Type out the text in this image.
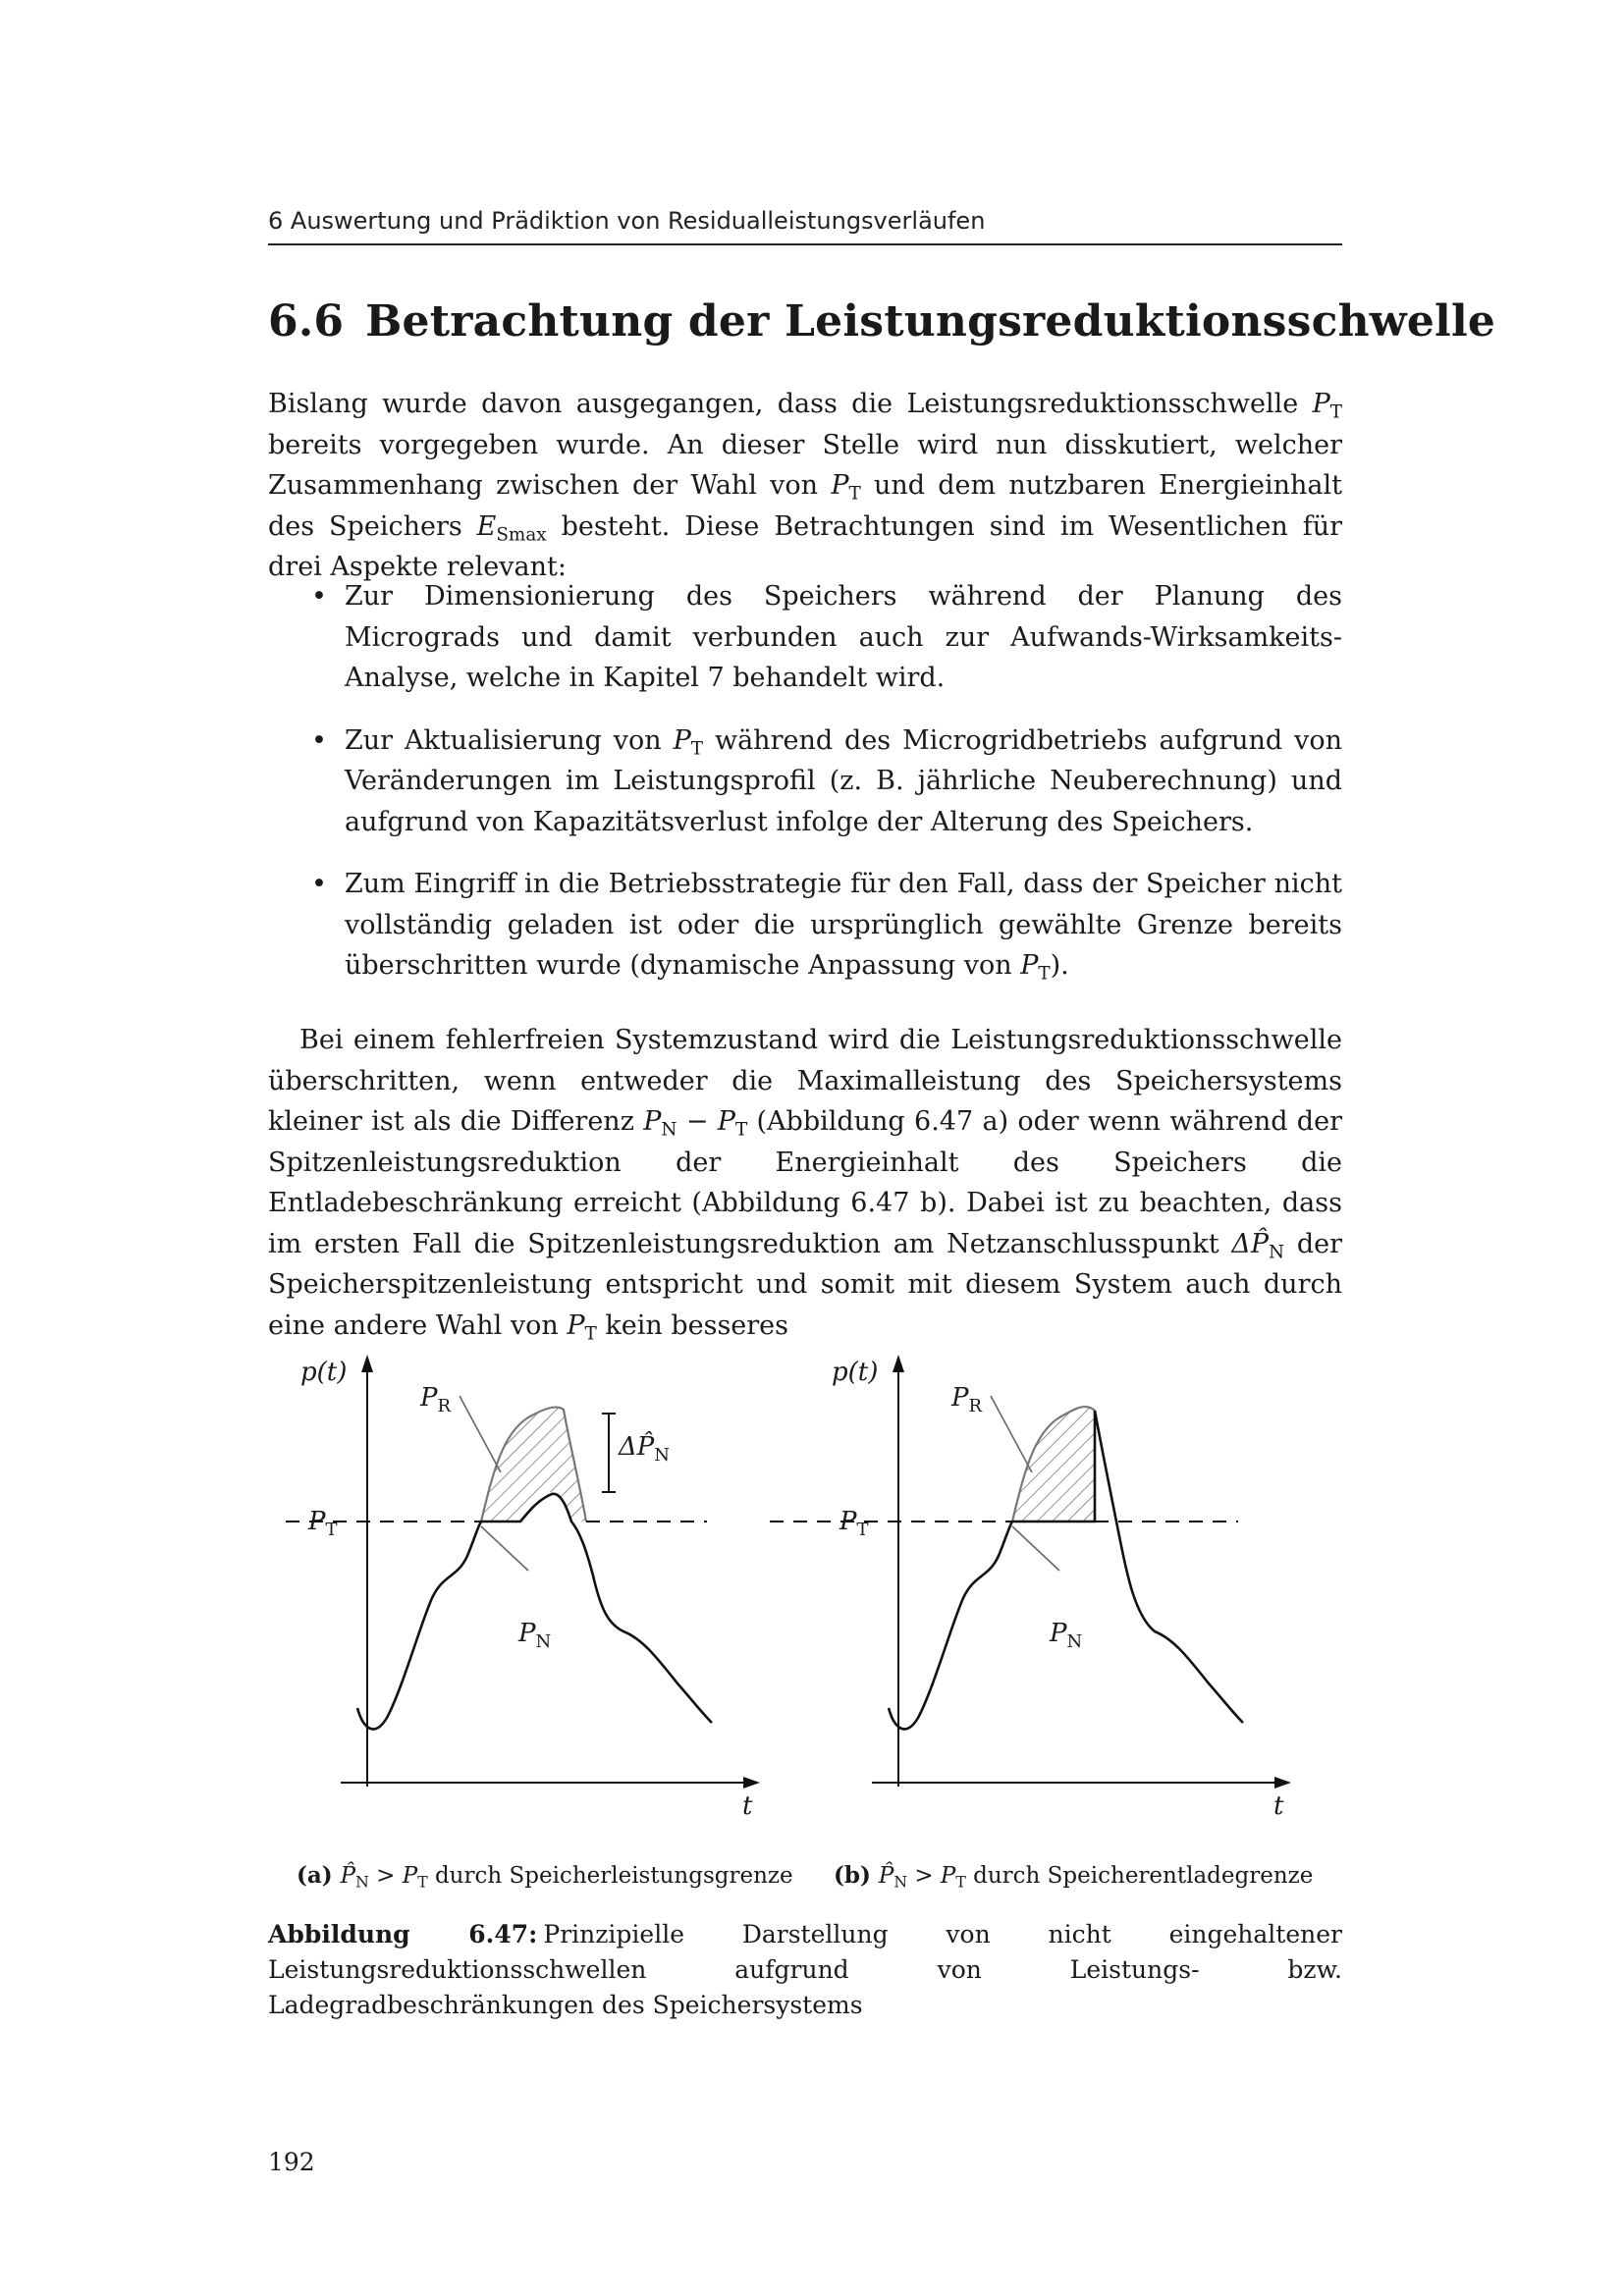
6 Auswertung und Prädiktion von Residualleistungsverläufen
6.6 Betrachtung der Leistungsreduktionsschwelle

Bislang wurde davon ausgegangen, dass die Leistungsreduktionsschwelle $P_T$ bereits vorgegeben wurde. An dieser Stelle wird nun disskutiert, welcher Zusammenhang zwischen der Wahl von $P_T$ und dem nutzbaren Energieinhalt des Speichers $E_{Smax}$ besteht. Diese Betrachtungen sind im Wesentlichen für drei Aspekte relevant:

• Zur Dimensionierung des Speichers während der Planung des Micrograds und damit verbunden auch zur Aufwands-Wirksamkeits-Analyse, welche in Kapitel 7 behandelt wird.
• Zur Aktualisierung von $P_T$ während des Microgridbetriebs aufgrund von Veränderungen im Leistungsprofil (z. B. jährliche Neuberechnung) und aufgrund von Kapazitätsverlust infolge der Alterung des Speichers.
• Zum Eingriff in die Betriebsstrategie für den Fall, dass der Speicher nicht vollständig geladen ist oder die ursprünglich gewählte Grenze bereits überschritten wurde (dynamische Anpassung von $P_T$).

Bei einem fehlerfreien Systemzustand wird die Leistungsreduktionsschwelle überschritten, wenn entweder die Maximalleistung des Speichersystems kleiner ist als die Differenz $P_N - P_T$ (Abbildung 6.47 a) oder wenn während der Spitzenleistungsreduktion der Energieinhalt des Speichers die Entladebeschränkung erreicht (Abbildung 6.47 b). Dabei ist zu beachten, dass im ersten Fall die Spitzenleistungsreduktion am Netzanschlusspunkt $\Delta P̂_N$ der Speicherspitzenleistung entspricht und somit mit diesem System auch durch eine andere Wahl von $P_T$ kein besseres

p(t)
$P_R$
$P_T$
$\Delta P̂_N$
$P_N$
t
p(t)
$P_R$
$P_T$
$P_N$
t
(a) $P̂_N > P_T$ durch Speicherleistungsgrenze (b) $P̂_N > P_T$ durch Speicherentladegrenze

Abbildung 6.47: Prinzipielle Darstellung von nicht eingehaltener Leistungsreduktionsschwellen aufgrund von Leistungs- bzw. Ladegradbeschränkungen des Speichersystems

192
